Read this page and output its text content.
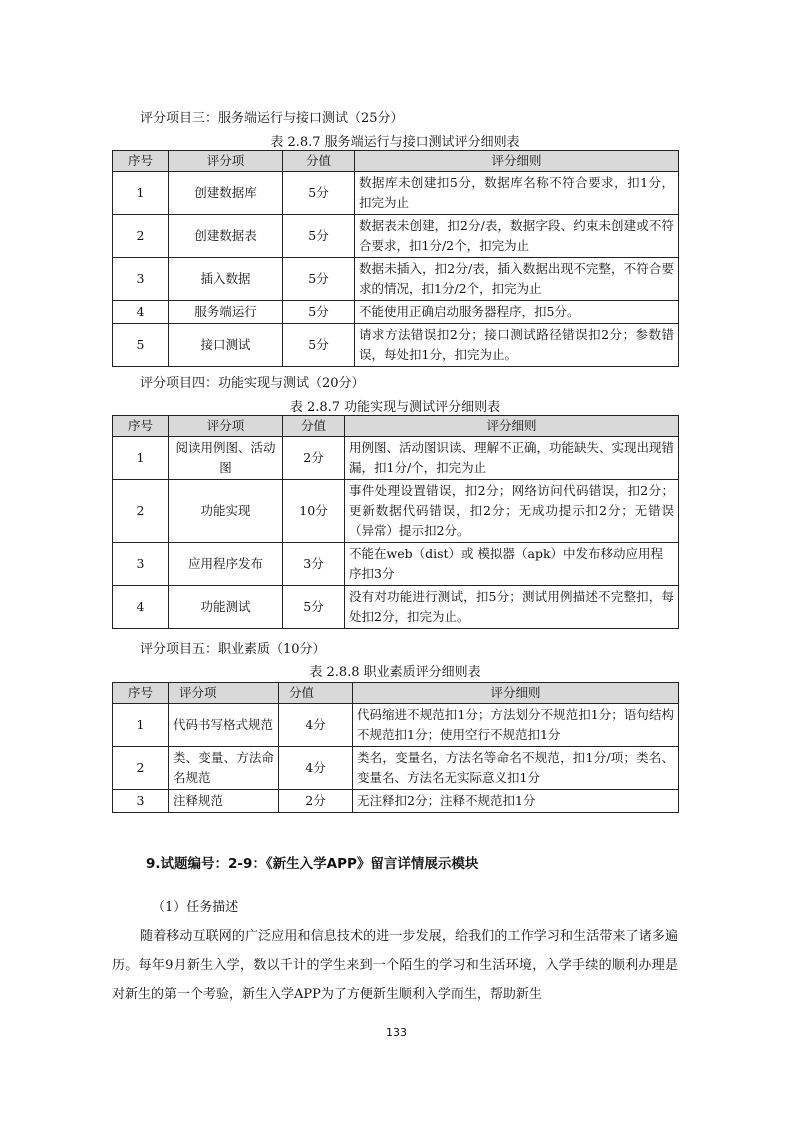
评分项目三：服务端运行与接口测试（25分）
表 2.8.7 服务端运行与接口测试评分细则表
序号	评分项	分值	评分细则
1	创建数据库	5分	数据库未创建扣5分，数据库名称不符合要求，扣1分，扣完为止
2	创建数据表	5分	数据表未创建，扣2分/表，数据字段、约束未创建或不符合要求，扣1分/2个，扣完为止
3	插入数据	5分	数据未插入，扣2分/表，插入数据出现不完整，不符合要求的情况，扣1分/2个，扣完为止
4	服务端运行	5分	不能使用正确启动服务器程序，扣5分。
5	接口测试	5分	请求方法错误扣2分；接口测试路径错误扣2分；参数错误，每处扣1分，扣完为止。
评分项目四：功能实现与测试（20分）
表 2.8.7 功能实现与测试评分细则表
序号	评分项	分值	评分细则
1	阅读用例图、活动图	2分	用例图、活动图识读、理解不正确，功能缺失、实现出现错漏，扣1分/个，扣完为止
2	功能实现	10分	事件处理设置错误，扣2分；网络访问代码错误，扣2分；更新数据代码错误，扣2分；无成功提示扣2分；无错误（异常）提示扣2分。
3	应用程序发布	3分	不能在web（dist）或 模拟器（apk）中发布移动应用程序扣3分
4	功能测试	5分	没有对功能进行测试，扣5分；测试用例描述不完整扣，每处扣2分，扣完为止。
评分项目五：职业素质（10分）
表 2.8.8 职业素质评分细则表
序号	评分项	分值	评分细则
1	代码书写格式规范	4分	代码缩进不规范扣1分；方法划分不规范扣1分；语句结构不规范扣1分；使用空行不规范扣1分
2	类、变量、方法命名规范	4分	类名，变量名，方法名等命名不规范，扣1分/项；类名、变量名、方法名无实际意义扣1分
3	注释规范	2分	无注释扣2分；注释不规范扣1分
9.试题编号：2-9：《新生入学APP》留言详情展示模块
（1）任务描述
随着移动互联网的广泛应用和信息技术的进一步发展，给我们的工作学习和生活带来了诸多遍历。每年9月新生入学，数以千计的学生来到一个陌生的学习和生活环境，入学手续的顺利办理是对新生的第一个考验，新生入学APP为了方便新生顺利入学而生，帮助新生
133
